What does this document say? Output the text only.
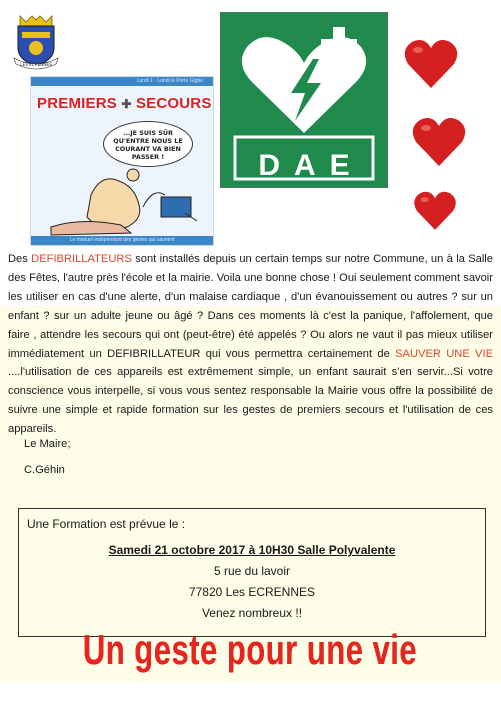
LES ECRENNES
Lundi 1 · Lundi le Porte Gigbe
PREMIERS ✚ SECOURS
...JE SUIS SÛR QU'ENTRE NOUS LE COURANT VA BIEN PASSER !
Le manuel indépendant des gestes qui sauvent
DAE
Des DEFIBRILLATEURS sont installés depuis un certain temps sur notre Commune, un à la Salle des Fêtes, l'autre près l'école et la mairie. Voila une bonne chose ! Oui seulement comment savoir les utiliser en cas d'une alerte, d'un malaise cardiaque , d'un évanouissement ou autres ? sur un enfant ? sur un adulte jeune ou âgé ? Dans ces moments là c'est la panique, l'affolement, que faire , attendre les secours qui ont (peut-être) été appelés ? Ou alors ne vaut il pas mieux utiliser immédiatement un DEFIBRILLATEUR qui vous permettra certainement de SAUVER UNE VIE ....l'utilisation de ces appareils est extrêmement simple, un enfant saurait s'en servir...Si votre conscience vous interpelle, si vous vous sentez responsable la Mairie vous offre la possibilité de suivre une simple et rapide formation sur les gestes de premiers secours et l'utilisation de ces appareils.
Le Maire;
C.Géhin
Une Formation est prévue le :
Samedi 21 octobre 2017 à 10H30 Salle Polyvalente
5 rue du lavoir
77820 Les ECRENNES
Venez nombreux !!
Un geste pour une vie
